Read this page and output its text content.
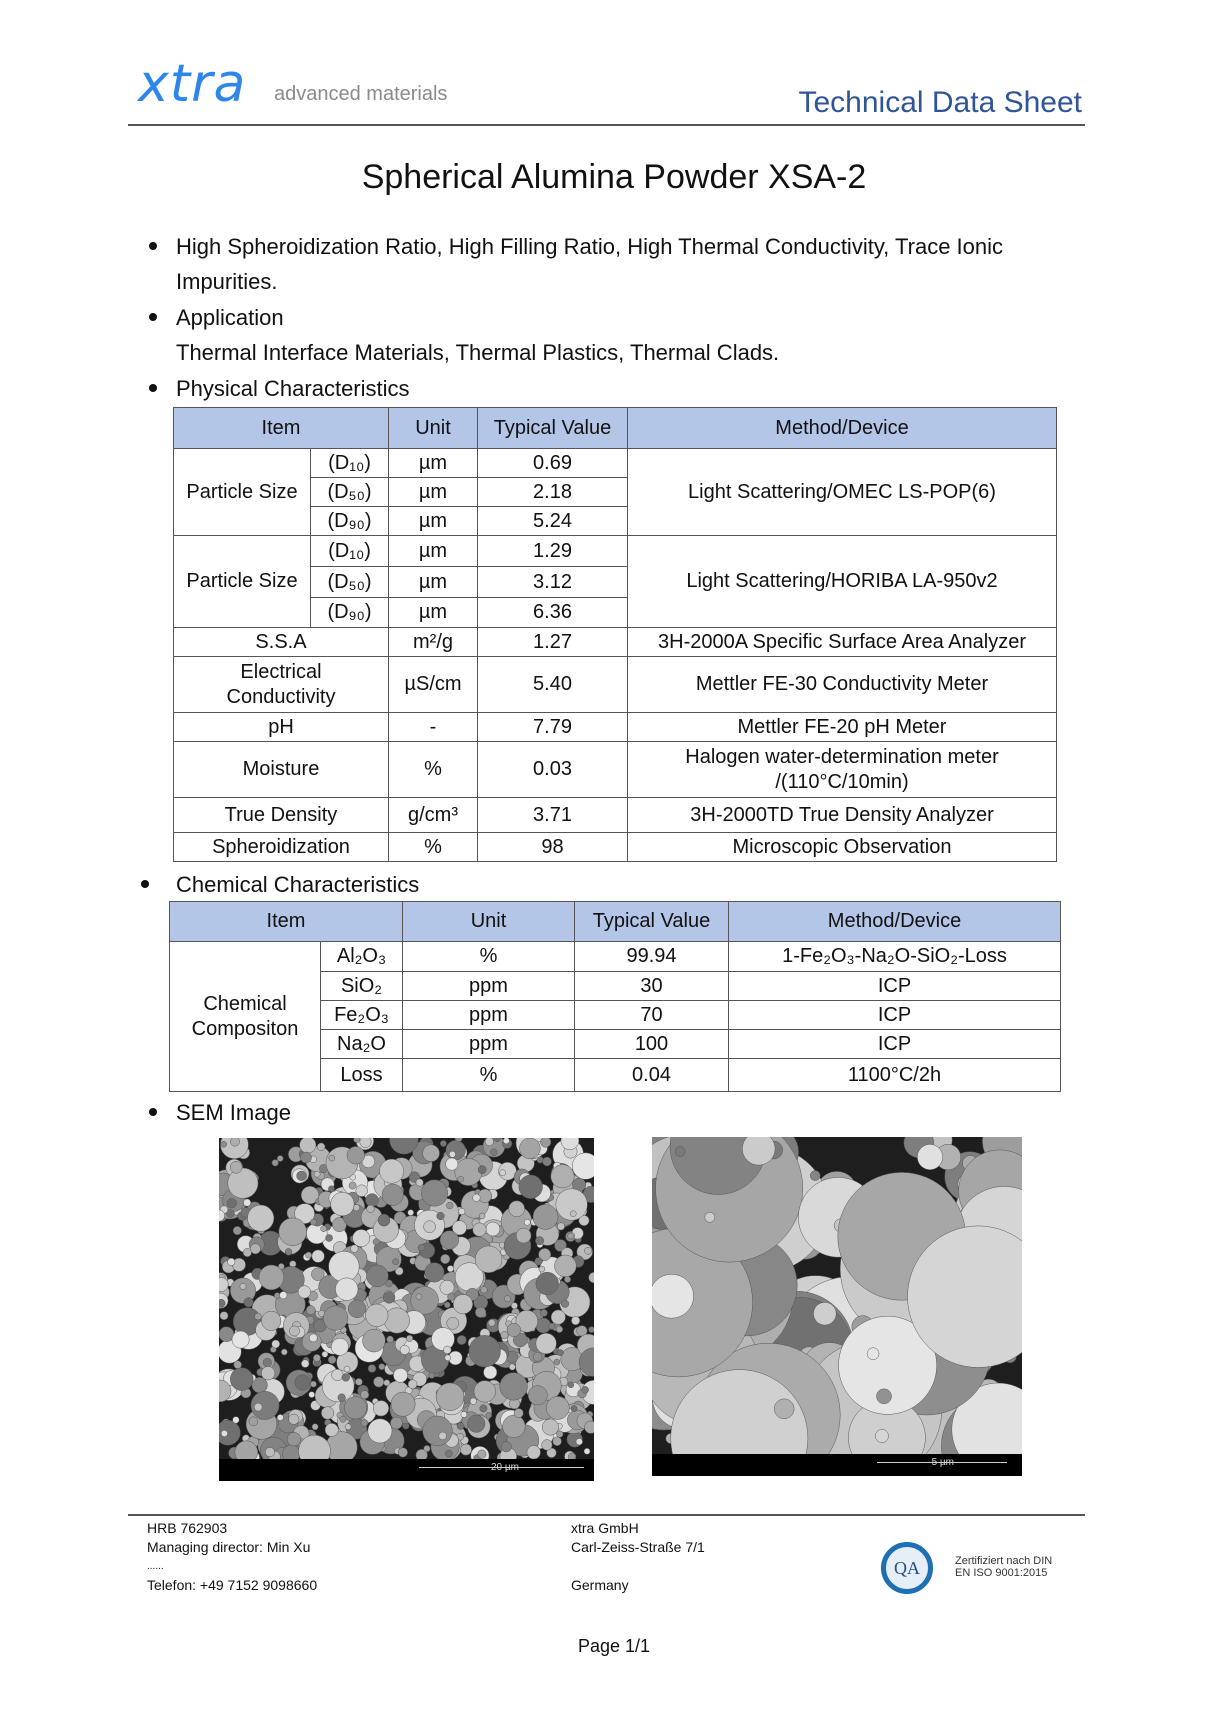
xtra advanced materials	Technical Data Sheet
Spherical Alumina Powder XSA-2
High Spheroidization Ratio, High Filling Ratio, High Thermal Conductivity, Trace Ionic
Impurities.
Application
Thermal Interface Materials, Thermal Plastics, Thermal Clads.
Physical Characteristics
Item		Unit	Typical Value	Method/Device
Particle Size	(D₁₀)	µm	0.69	Light Scattering/OMEC LS-POP(6)
	(D₅₀)	µm	2.18	
	(D₉₀)	µm	5.24	
Particle Size	(D₁₀)	µm	1.29	Light Scattering/HORIBA LA-950v2
	(D₅₀)	µm	3.12	
	(D₉₀)	µm	6.36	
S.S.A		m²/g	1.27	3H-2000A Specific Surface Area Analyzer
Electrical Conductivity		µS/cm	5.40	Mettler FE-30 Conductivity Meter
pH		-	7.79	Mettler FE-20 pH Meter
Moisture		%	0.03	Halogen water-determination meter /(110°C/10min)
True Density		g/cm³	3.71	3H-2000TD True Density Analyzer
Spheroidization		%	98	Microscopic Observation
Chemical Characteristics
Item		Unit	Typical Value	Method/Device
Chemical Compositon	Al₂O₃	%	99.94	1-Fe₂O₃-Na₂O-SiO₂-Loss
	SiO₂	ppm	30	ICP
	Fe₂O₃	ppm	70	ICP
	Na₂O	ppm	100	ICP
	Loss	%	0.04	1100°C/2h
SEM Image
20 µm	5 µm
HRB 762903
Managing director: Min Xu
......
Telefon: +49 7152 9098660
xtra GmbH
Carl-Zeiss-Straße 7/1
Germany
QA	Zertifiziert nach DIN
EN ISO 9001:2015
Page 1/1
